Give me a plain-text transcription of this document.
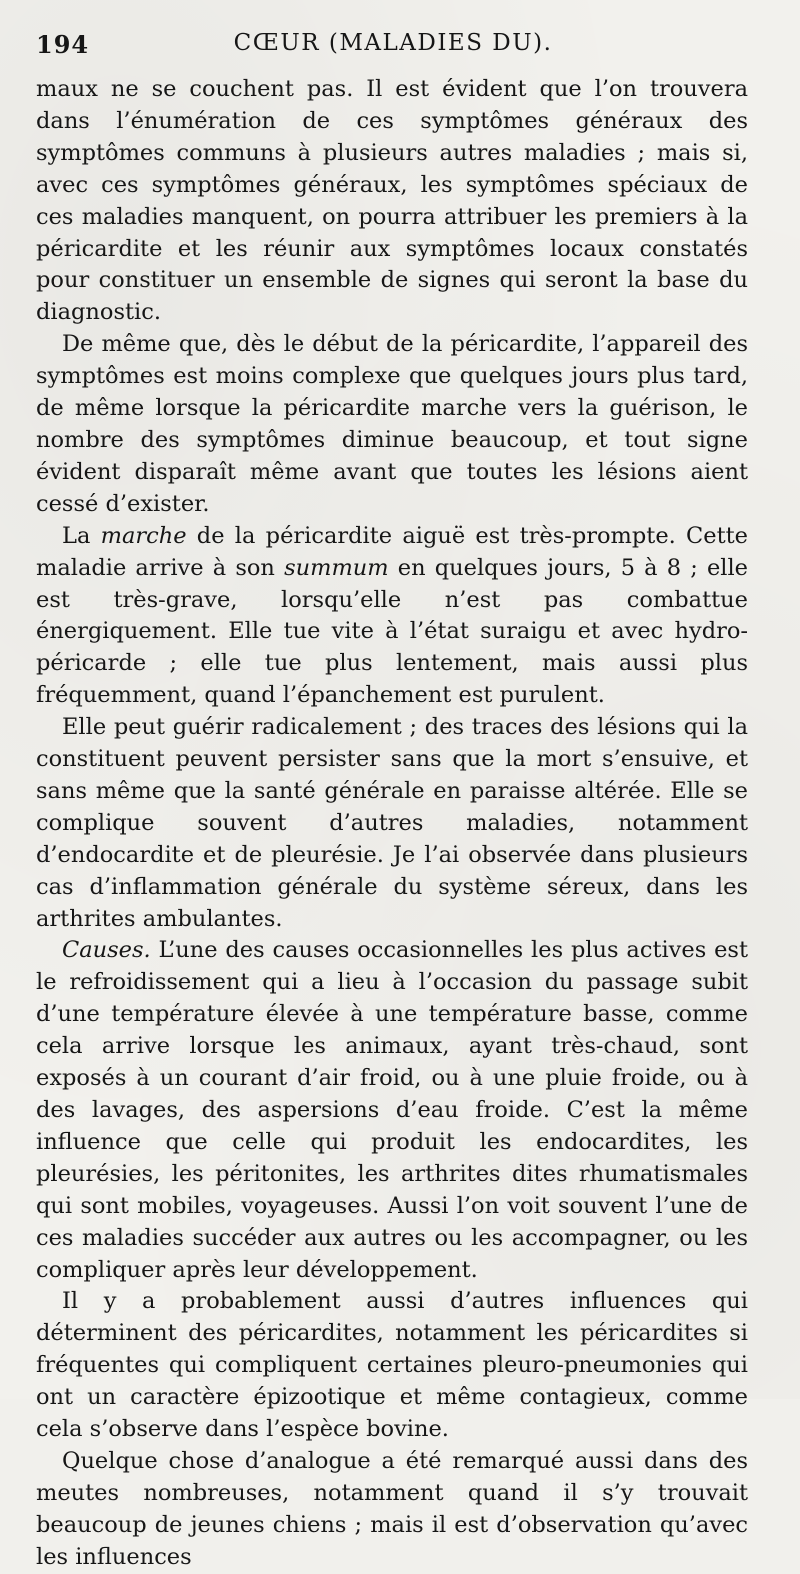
194	CŒUR (MALADIES DU).

maux ne se couchent pas. Il est évident que l’on trouvera dans l’énumération de ces symptômes généraux des symptômes communs à plusieurs autres maladies ; mais si, avec ces symptômes généraux, les symptômes spéciaux de ces maladies manquent, on pourra attribuer les premiers à la péricardite et les réunir aux symptômes locaux constatés pour constituer un ensemble de signes qui seront la base du diagnostic.

De même que, dès le début de la péricardite, l’appareil des symptômes est moins complexe que quelques jours plus tard, de même lorsque la péricardite marche vers la guérison, le nombre des symptômes diminue beaucoup, et tout signe évident disparaît même avant que toutes les lésions aient cessé d’exister.

La marche de la péricardite aiguë est très-prompte. Cette maladie arrive à son summum en quelques jours, 5 à 8 ; elle est très-grave, lorsqu’elle n’est pas combattue énergiquement. Elle tue vite à l’état suraigu et avec hydro-péricarde ; elle tue plus lentement, mais aussi plus fréquemment, quand l’épanchement est purulent.

Elle peut guérir radicalement ; des traces des lésions qui la constituent peuvent persister sans que la mort s’ensuive, et sans même que la santé générale en paraisse altérée. Elle se complique souvent d’autres maladies, notamment d’endocardite et de pleurésie. Je l’ai observée dans plusieurs cas d’inflammation générale du système séreux, dans les arthrites ambulantes.

Causes. L’une des causes occasionnelles les plus actives est le refroidissement qui a lieu à l’occasion du passage subit d’une température élevée à une température basse, comme cela arrive lorsque les animaux, ayant très-chaud, sont exposés à un courant d’air froid, ou à une pluie froide, ou à des lavages, des aspersions d’eau froide. C’est la même influence que celle qui produit les endocardites, les pleurésies, les péritonites, les arthrites dites rhumatismales qui sont mobiles, voyageuses. Aussi l’on voit souvent l’une de ces maladies succéder aux autres ou les accompagner, ou les compliquer après leur développement.

Il y a probablement aussi d’autres influences qui déterminent des péricardites, notamment les péricardites si fréquentes qui compliquent certaines pleuro-pneumonies qui ont un caractère épizootique et même contagieux, comme cela s’observe dans l’espèce bovine.

Quelque chose d’analogue a été remarqué aussi dans des meutes nombreuses, notamment quand il s’y trouvait beaucoup de jeunes chiens ; mais il est d’observation qu’avec les influences
